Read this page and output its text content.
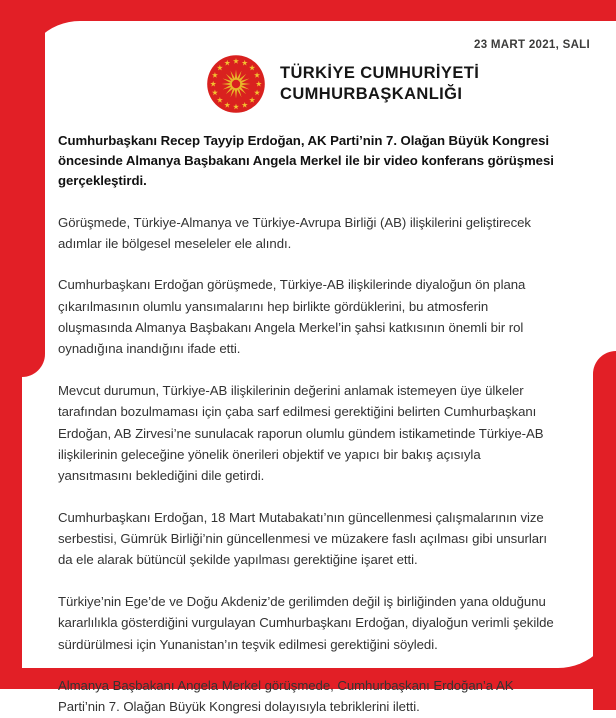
23 MART 2021, SALI
TÜRKİYE CUMHURİYETİ
CUMHURBAŞKANLIĞI

Cumhurbaşkanı Recep Tayyip Erdoğan, AK Parti’nin 7. Olağan Büyük Kongresi öncesinde Almanya Başbakanı Angela Merkel ile bir video konferans görüşmesi gerçekleştirdi.

Görüşmede, Türkiye-Almanya ve Türkiye-Avrupa Birliği (AB) ilişkilerini geliştirecek adımlar ile bölgesel meseleler ele alındı.

Cumhurbaşkanı Erdoğan görüşmede, Türkiye-AB ilişkilerinde diyaloğun ön plana çıkarılmasının olumlu yansımalarını hep birlikte gördüklerini, bu atmosferin oluşmasında Almanya Başbakanı Angela Merkel’in şahsi katkısının önemli bir rol oynadığına inandığını ifade etti.

Mevcut durumun, Türkiye-AB ilişkilerinin değerini anlamak istemeyen üye ülkeler tarafından bozulmaması için çaba sarf edilmesi gerektiğini belirten Cumhurbaşkanı Erdoğan, AB Zirvesi’ne sunulacak raporun olumlu gündem istikametinde Türkiye-AB ilişkilerinin geleceğine yönelik önerileri objektif ve yapıcı bir bakış açısıyla yansıtmasını beklediğini dile getirdi.

Cumhurbaşkanı Erdoğan, 18 Mart Mutabakatı’nın güncellenmesi çalışmalarının vize serbestisi, Gümrük Birliği’nin güncellenmesi ve müzakere faslı açılması gibi unsurları da ele alarak bütüncül şekilde yapılması gerektiğine işaret etti.

Türkiye’nin Ege’de ve Doğu Akdeniz’de gerilimden değil iş birliğinden yana olduğunu kararlılıkla gösterdiğini vurgulayan Cumhurbaşkanı Erdoğan, diyaloğun verimli şekilde sürdürülmesi için Yunanistan’ın teşvik edilmesi gerektiğini söyledi.

Almanya Başbakanı Angela Merkel görüşmede, Cumhurbaşkanı Erdoğan’a AK Parti’nin 7. Olağan Büyük Kongresi dolayısıyla tebriklerini iletti.
